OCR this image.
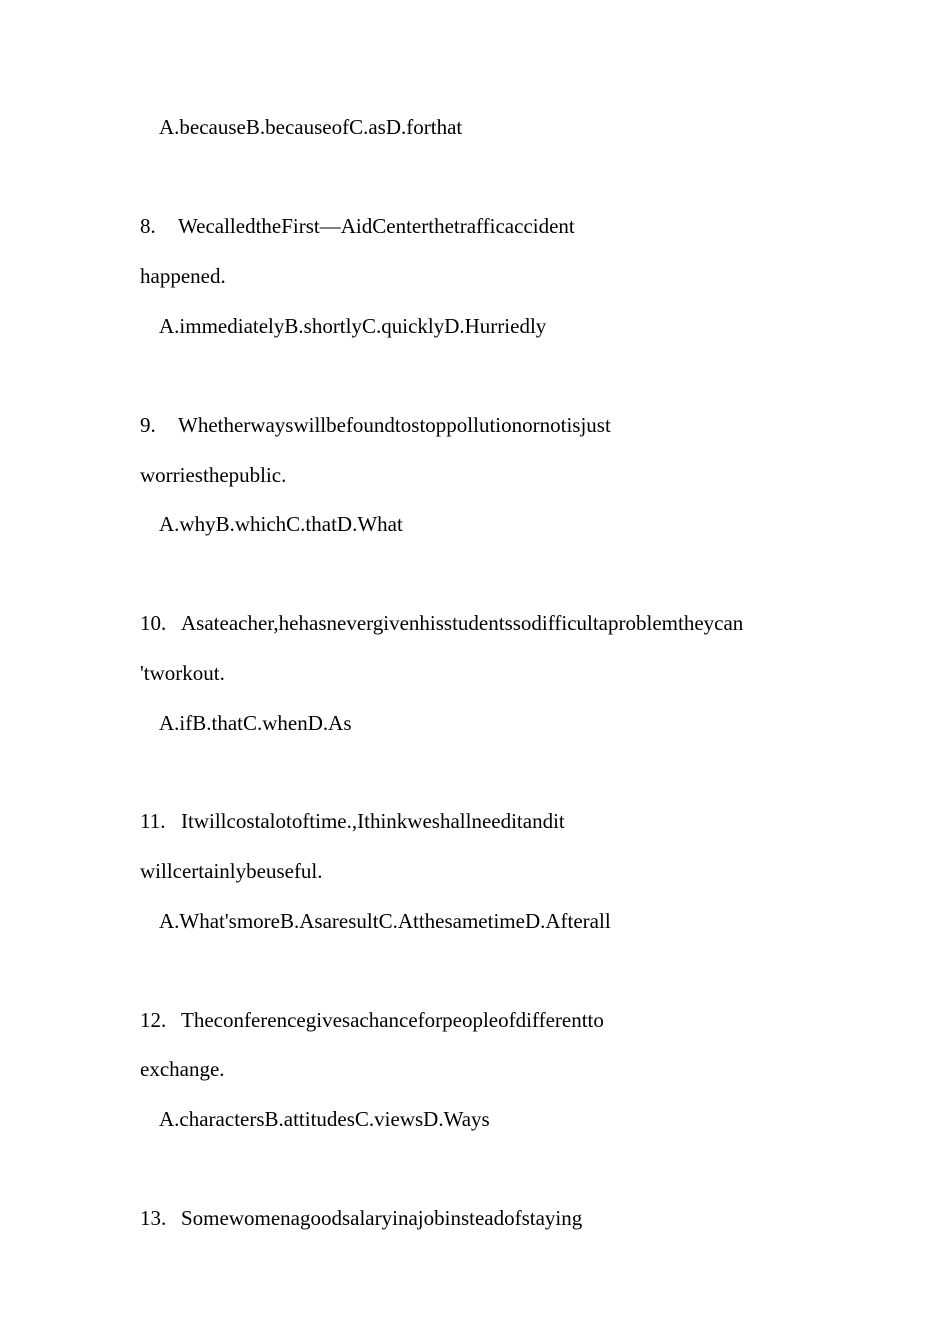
A.becauseB.becauseofC.asD.forthat
8. WecalledtheFirst—AidCenterthetrafficaccident
happened.
A.immediatelyB.shortlyC.quicklyD.Hurriedly
9. Whetherwayswillbefoundtostoppollutionornotisjust
worriesthepublic.
A.whyB.whichC.thatD.What
10. Asateacher,hehasnevergivenhisstudentssodifficultaproblemtheycan
'tworkout.
A.ifB.thatC.whenD.As
11. Itwillcostalotoftime.,Ithinkweshallneeditandit
willcertainlybeuseful.
A.What'smoreB.AsaresultC.AtthesametimeD.Afterall
12. Theconferencegivesachanceforpeopleofdifferentto
exchange.
A.charactersB.attitudesC.viewsD.Ways
13. Somewomenagoodsalaryinajobinsteadofstaying
